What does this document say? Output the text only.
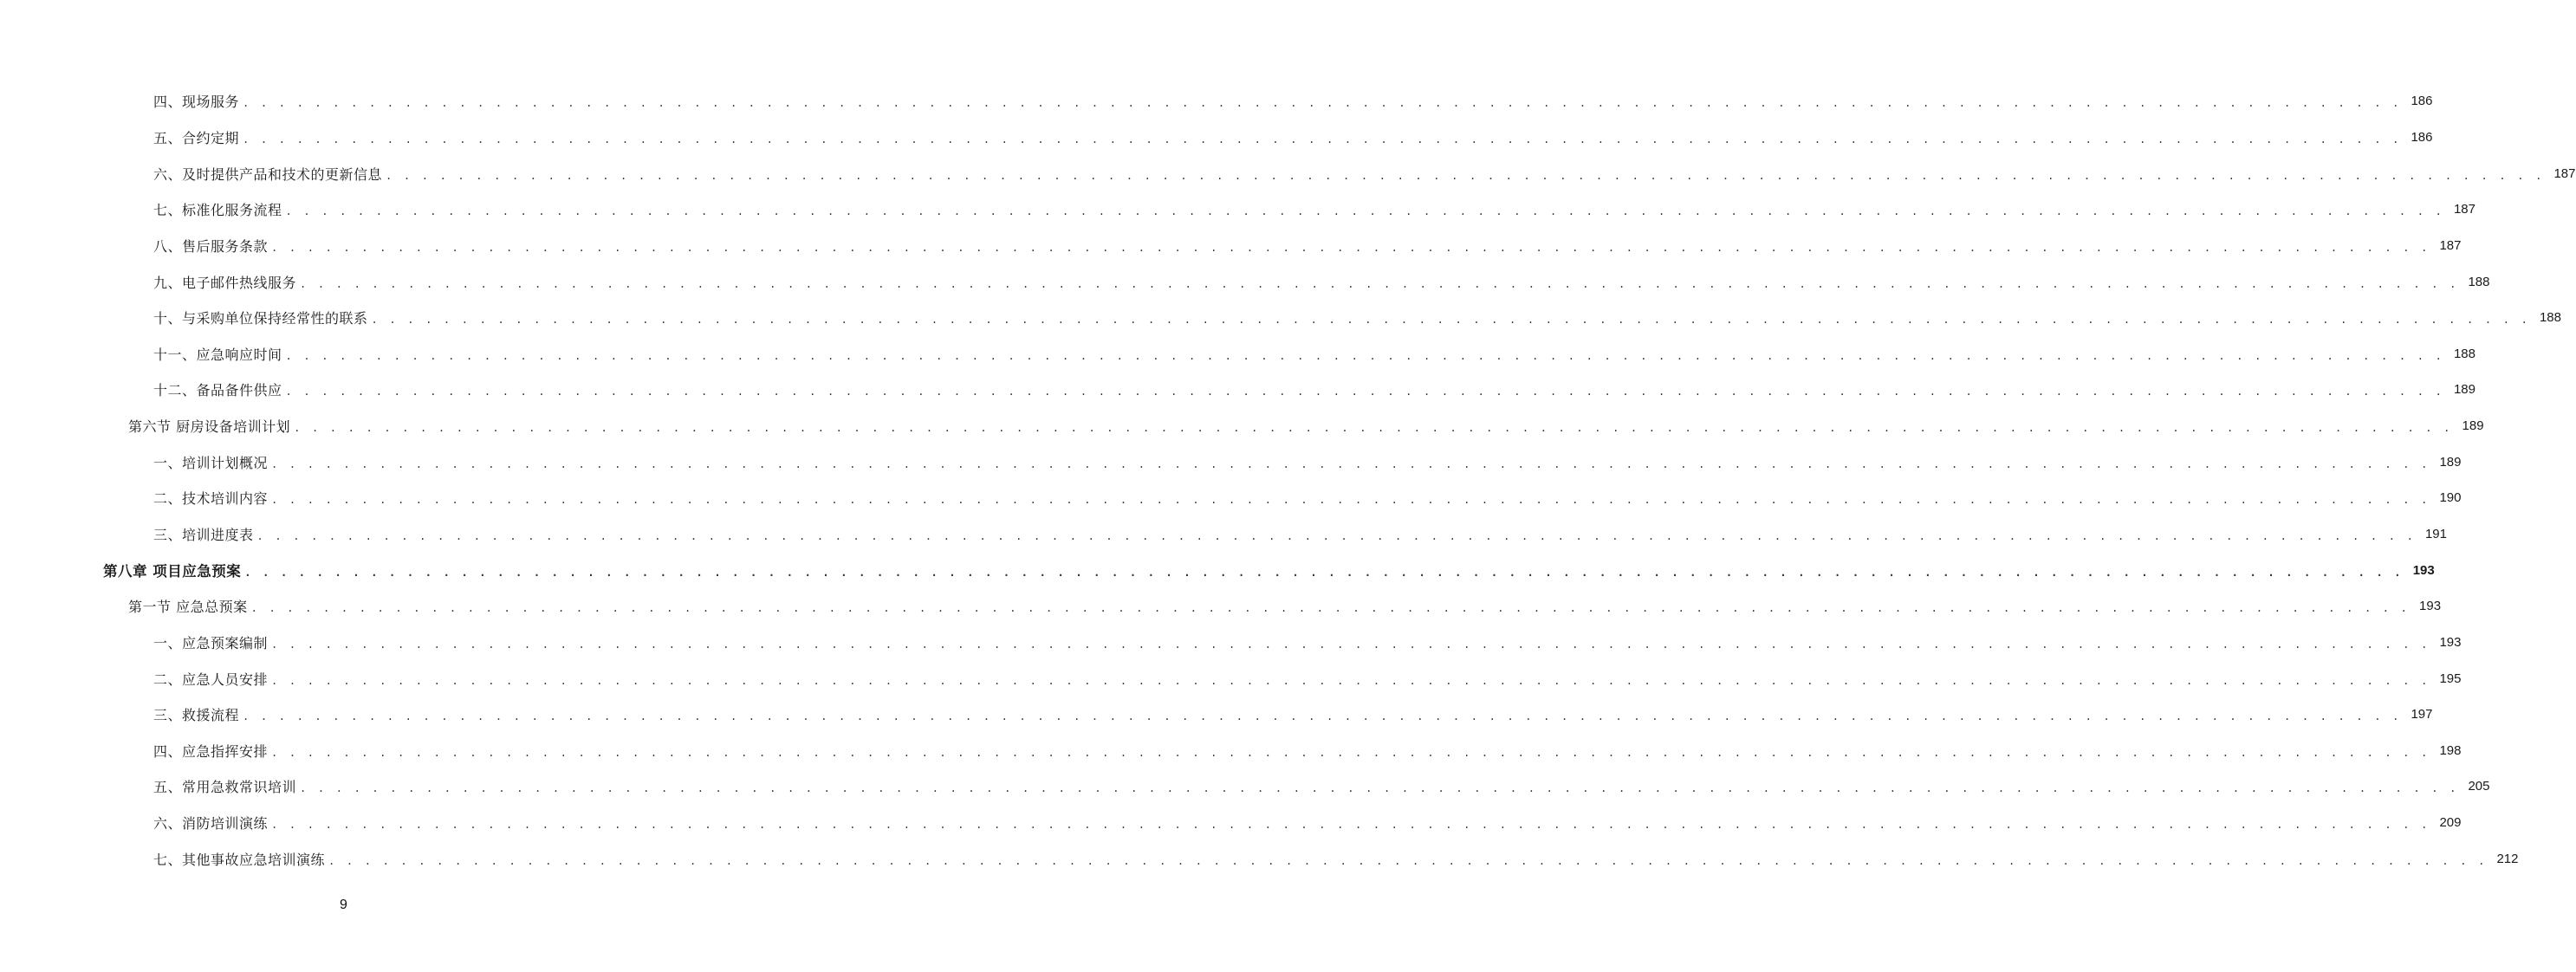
四、现场服务 . . . . . . . . . . . . . . . . . . . . . . . . . . . . . . . . . . . . . . . . . . . . . . . . . . . . . . . . . . . . . . . . . . . . . . . . . . . . . . . . . . . . . . . . . . . . . . . . . . . . . . . . . . . . . . . . . . . . . . . . 186
五、合约定期 . . . . . . . . . . . . . . . . . . . . . . . . . . . . . . . . . . . . . . . . . . . . . . . . . . . . . . . . . . . . . . . . . . . . . . . . . . . . . . . . . . . . . . . . . . . . . . . . . . . . . . . . . . . . . . . . . . . . . . . . 186
六、及时提供产品和技术的更新信息 . . . . . . . . . . . . . . . . . . . . . . . . . . . . . . . . . . . . . . . . . . . . . . . . . . . . . . . . . . . . . . . . . . . . . . . . . . . . . . . . . . . . . . . . . . . . . . . . . . . . . . . . . . . . . . . . . . . . . . . . 187
七、标准化服务流程 . . . . . . . . . . . . . . . . . . . . . . . . . . . . . . . . . . . . . . . . . . . . . . . . . . . . . . . . . . . . . . . . . . . . . . . . . . . . . . . . . . . . . . . . . . . . . . . . . . . . . . . . . . . . . . . . . . . . . . . . 187
八、售后服务条款 . . . . . . . . . . . . . . . . . . . . . . . . . . . . . . . . . . . . . . . . . . . . . . . . . . . . . . . . . . . . . . . . . . . . . . . . . . . . . . . . . . . . . . . . . . . . . . . . . . . . . . . . . . . . . . . . . . . . . . . . 187
九、电子邮件热线服务 . . . . . . . . . . . . . . . . . . . . . . . . . . . . . . . . . . . . . . . . . . . . . . . . . . . . . . . . . . . . . . . . . . . . . . . . . . . . . . . . . . . . . . . . . . . . . . . . . . . . . . . . . . . . . . . . . . . . . . . . 188
十、与采购单位保持经常性的联系 . . . . . . . . . . . . . . . . . . . . . . . . . . . . . . . . . . . . . . . . . . . . . . . . . . . . . . . . . . . . . . . . . . . . . . . . . . . . . . . . . . . . . . . . . . . . . . . . . . . . . . . . . . . . . . . . . . . . . . . . 188
十一、应急响应时间 . . . . . . . . . . . . . . . . . . . . . . . . . . . . . . . . . . . . . . . . . . . . . . . . . . . . . . . . . . . . . . . . . . . . . . . . . . . . . . . . . . . . . . . . . . . . . . . . . . . . . . . . . . . . . . . . . . . . . . . . 188
十二、备品备件供应 . . . . . . . . . . . . . . . . . . . . . . . . . . . . . . . . . . . . . . . . . . . . . . . . . . . . . . . . . . . . . . . . . . . . . . . . . . . . . . . . . . . . . . . . . . . . . . . . . . . . . . . . . . . . . . . . . . . . . . . . 189
第六节 厨房设备培训计划 . . . . . . . . . . . . . . . . . . . . . . . . . . . . . . . . . . . . . . . . . . . . . . . . . . . . . . . . . . . . . . . . . . . . . . . . . . . . . . . . . . . . . . . . . . . . . . . . . . . . . . . . . . . . . . . . . . . . . . . . 189
一、培训计划概况 . . . . . . . . . . . . . . . . . . . . . . . . . . . . . . . . . . . . . . . . . . . . . . . . . . . . . . . . . . . . . . . . . . . . . . . . . . . . . . . . . . . . . . . . . . . . . . . . . . . . . . . . . . . . . . . . . . . . . . . . 189
二、技术培训内容 . . . . . . . . . . . . . . . . . . . . . . . . . . . . . . . . . . . . . . . . . . . . . . . . . . . . . . . . . . . . . . . . . . . . . . . . . . . . . . . . . . . . . . . . . . . . . . . . . . . . . . . . . . . . . . . . . . . . . . . . 190
三、培训进度表 . . . . . . . . . . . . . . . . . . . . . . . . . . . . . . . . . . . . . . . . . . . . . . . . . . . . . . . . . . . . . . . . . . . . . . . . . . . . . . . . . . . . . . . . . . . . . . . . . . . . . . . . . . . . . . . . . . . . . . . . 191
第八章 项目应急预案 . . . . . . . . . . . . . . . . . . . . . . . . . . . . . . . . . . . . . . . . . . . . . . . . . . . . . . . . . . . . . . . . . . . . . . . . . . . . . . . . . . . . . . . . . . . . . . . . . . . . . . . . . . . . . . . . . . . . . . . . 193
第一节 应急总预案 . . . . . . . . . . . . . . . . . . . . . . . . . . . . . . . . . . . . . . . . . . . . . . . . . . . . . . . . . . . . . . . . . . . . . . . . . . . . . . . . . . . . . . . . . . . . . . . . . . . . . . . . . . . . . . . . . . . . . . . . 193
一、应急预案编制 . . . . . . . . . . . . . . . . . . . . . . . . . . . . . . . . . . . . . . . . . . . . . . . . . . . . . . . . . . . . . . . . . . . . . . . . . . . . . . . . . . . . . . . . . . . . . . . . . . . . . . . . . . . . . . . . . . . . . . . . 193
二、应急人员安排 . . . . . . . . . . . . . . . . . . . . . . . . . . . . . . . . . . . . . . . . . . . . . . . . . . . . . . . . . . . . . . . . . . . . . . . . . . . . . . . . . . . . . . . . . . . . . . . . . . . . . . . . . . . . . . . . . . . . . . . . 195
三、救援流程 . . . . . . . . . . . . . . . . . . . . . . . . . . . . . . . . . . . . . . . . . . . . . . . . . . . . . . . . . . . . . . . . . . . . . . . . . . . . . . . . . . . . . . . . . . . . . . . . . . . . . . . . . . . . . . . . . . . . . . . . 197
四、应急指挥安排 . . . . . . . . . . . . . . . . . . . . . . . . . . . . . . . . . . . . . . . . . . . . . . . . . . . . . . . . . . . . . . . . . . . . . . . . . . . . . . . . . . . . . . . . . . . . . . . . . . . . . . . . . . . . . . . . . . . . . . . . 198
五、常用急救常识培训 . . . . . . . . . . . . . . . . . . . . . . . . . . . . . . . . . . . . . . . . . . . . . . . . . . . . . . . . . . . . . . . . . . . . . . . . . . . . . . . . . . . . . . . . . . . . . . . . . . . . . . . . . . . . . . . . . . . . . . . . 205
六、消防培训演练 . . . . . . . . . . . . . . . . . . . . . . . . . . . . . . . . . . . . . . . . . . . . . . . . . . . . . . . . . . . . . . . . . . . . . . . . . . . . . . . . . . . . . . . . . . . . . . . . . . . . . . . . . . . . . . . . . . . . . . . . 209
七、其他事故应急培训演练 . . . . . . . . . . . . . . . . . . . . . . . . . . . . . . . . . . . . . . . . . . . . . . . . . . . . . . . . . . . . . . . . . . . . . . . . . . . . . . . . . . . . . . . . . . . . . . . . . . . . . . . . . . . . . . . . . . . . . . . . 212
9
